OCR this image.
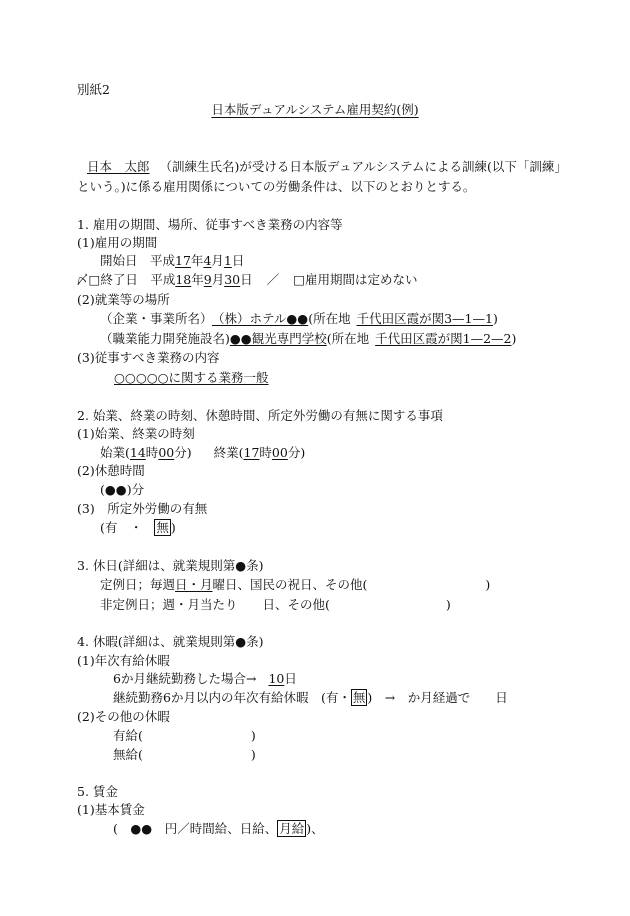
別紙2
日本版デュアルシステム雇用契約(例)
日本　太郎 （訓練生氏名)が受ける日本版デュアルシステムによる訓練(以下「訓練」
という。)に係る雇用関係についての労働条件は、以下のとおりとする。
1. 雇用の期間、場所、従事すべき業務の内容等
(1)雇用の期間
開始日　平成17年4月1日
〆□終了日　平成18年9月30日 ／ □雇用期間は定めない
(2)就業等の場所
（企業・事業所名）（株）ホテル●●(所在地 千代田区霞が関3—1—1)
（職業能力開発施設名)●●観光専門学校(所在地 千代田区霞が関1—2—2)
(3)従事すべき業務の内容
○○○○○に関する業務一般
2. 始業、終業の時刻、休憩時間、所定外労働の有無に関する事項
(1)始業、終業の時刻
始業(14時00分) 終業(17時00分)
(2)休憩時間
(●●)分
(3)　所定外労働の有無
(有　・ 無 )
3. 休日(詳細は、就業規則第●条)
定例日；毎週日・月曜日、国民の祝日、その他(	)
非定例日；週・月当たり　　日、その他(	)
4. 休暇(詳細は、就業規則第●条)
(1)年次有給休暇
6か月継続勤務した場合→ 10日
継続勤務6か月以内の年次有給休暇　(有・ 無 )　→　か月経過で　　日
(2)その他の休暇
有給(	)
無給(	)
5. 賃金
(1)基本賃金
(　●●　円／時間給、日給、 月給 )、
